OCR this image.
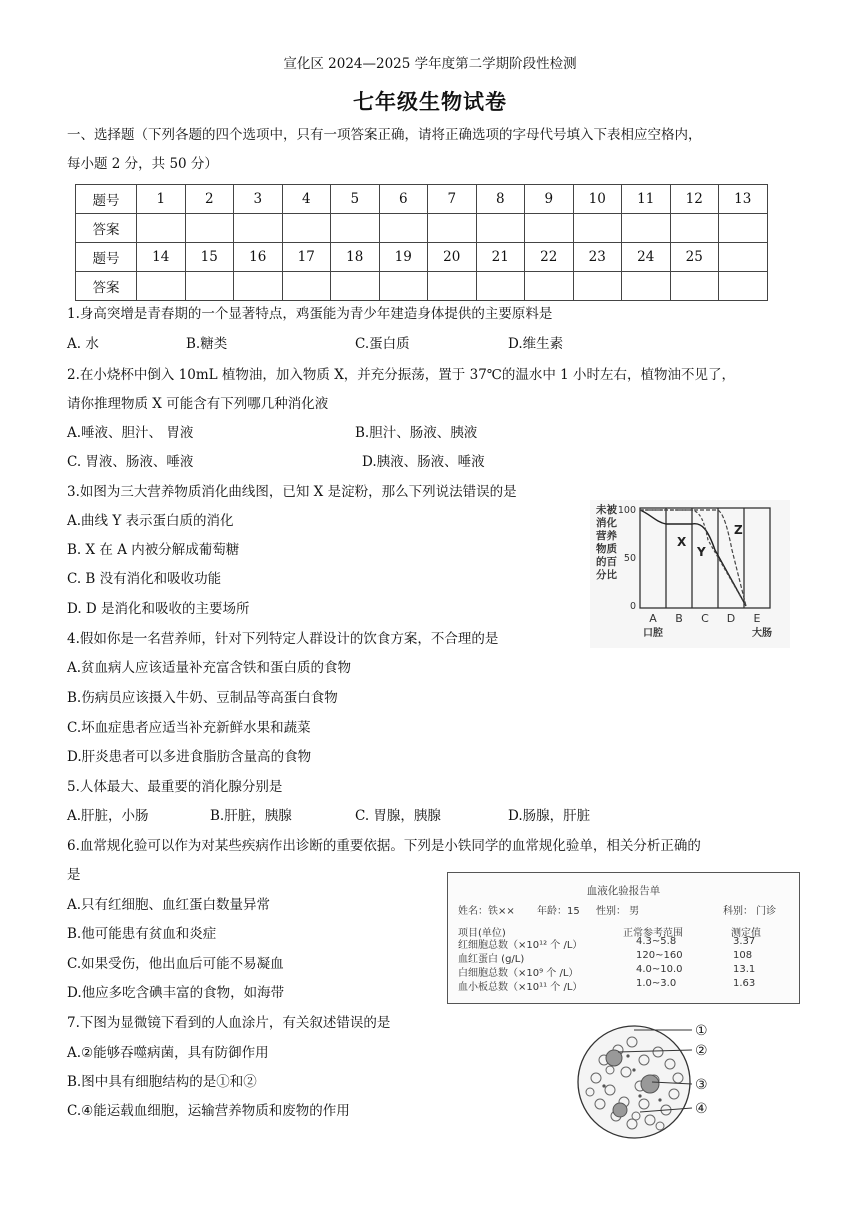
宣化区 2024—2025 学年度第二学期阶段性检测
七年级生物试卷
一、选择题（下列各题的四个选项中，只有一项答案正确，请将正确选项的字母代号填入下表相应空格内，
每小题 2 分，共 50 分）
题号	1	2	3	4	5	6	7	8	9	10	11	12	13
答案													
题号	14	15	16	17	18	19	20	21	22	23	24	25	
答案													
1.身高突增是青春期的一个显著特点，鸡蛋能为青少年建造身体提供的主要原料是
A. 水	B.糖类	C.蛋白质	D.维生素
2.在小烧杯中倒入 10mL 植物油，加入物质 X，并充分振荡，置于 37℃的温水中 1 小时左右，植物油不见了，
请你推理物质 X 可能含有下列哪几种消化液
A.唾液、胆汁、 胃液	B.胆汁、肠液、胰液
C. 胃液、肠液、唾液	D.胰液、肠液、唾液
3.如图为三大营养物质消化曲线图，已知 X 是淀粉，那么下列说法错误的是
A.曲线 Y 表示蛋白质的消化
B. X 在 A 内被分解成葡萄糖
C. B 没有消化和吸收功能
D. D 是消化和吸收的主要场所
未被
消化
营养
物质
的百
分比
100
50
0
X
Y
Z
A B C D E
口腔	大肠
4.假如你是一名营养师，针对下列特定人群设计的饮食方案，不合理的是
A.贫血病人应该适量补充富含铁和蛋白质的食物
B.伤病员应该摄入牛奶、豆制品等高蛋白食物
C.坏血症患者应适当补充新鲜水果和蔬菜
D.肝炎患者可以多进食脂肪含量高的食物
5.人体最大、最重要的消化腺分别是
A.肝脏，小肠	B.肝脏，胰腺	C. 胃腺，胰腺	D.肠腺，肝脏
6.血常规化验可以作为对某些疾病作出诊断的重要依据。下列是小铁同学的血常规化验单，相关分析正确的
是
A.只有红细胞、血红蛋白数量异常
B.他可能患有贫血和炎症
C.如果受伤，他出血后可能不易凝血
D.他应多吃含碘丰富的食物，如海带
血液化验报告单
姓名：铁×× 年龄：15 性别： 男	科别： 门诊
项目(单位)	正常参考范围	测定值
红细胞总数（×10¹² 个 /L）	4.3~5.8	3.37
血红蛋白 (g/L)	120~160	108
白细胞总数（×10⁹ 个 /L）	4.0~10.0	13.1
血小板总数（×10¹¹ 个 /L）	1.0~3.0	1.63
7.下图为显微镜下看到的人血涂片，有关叙述错误的是
A.②能够吞噬病菌，具有防御作用
B.图中具有细胞结构的是①和②
C.④能运载血细胞，运输营养物质和废物的作用
①
②
③
④
